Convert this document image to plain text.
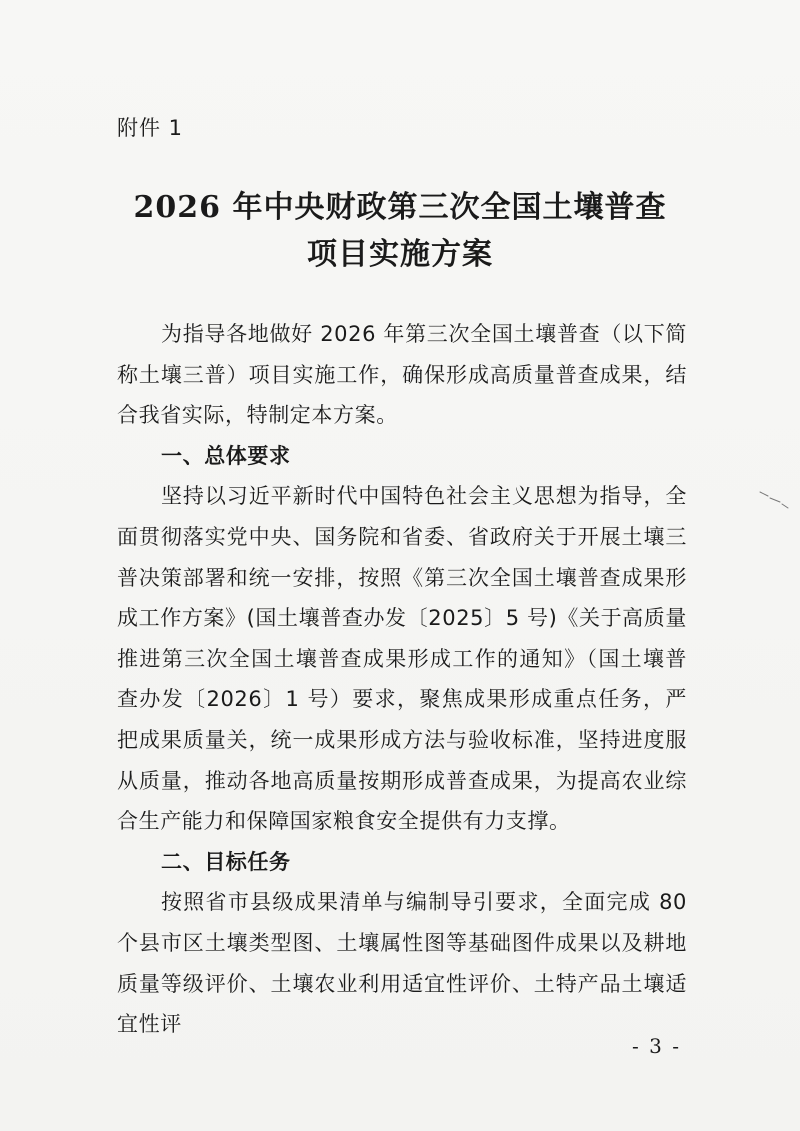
附件 1
2026 年中央财政第三次全国土壤普查
项目实施方案

为指导各地做好 2026 年第三次全国土壤普查（以下简称土壤三普）项目实施工作，确保形成高质量普查成果，结合我省实际，特制定本方案。

一、总体要求

坚持以习近平新时代中国特色社会主义思想为指导，全面贯彻落实党中央、国务院和省委、省政府关于开展土壤三普决策部署和统一安排，按照《第三次全国土壤普查成果形成工作方案》(国土壤普查办发〔2025〕5 号)《关于高质量推进第三次全国土壤普查成果形成工作的通知》（国土壤普查办发〔2026〕1 号）要求，聚焦成果形成重点任务，严把成果质量关，统一成果形成方法与验收标准，坚持进度服从质量，推动各地高质量按期形成普查成果，为提高农业综合生产能力和保障国家粮食安全提供有力支撑。

二、目标任务

按照省市县级成果清单与编制导引要求，全面完成 80 个县市区土壤类型图、土壤属性图等基础图件成果以及耕地质量等级评价、土壤农业利用适宜性评价、土特产品土壤适宜性评

- 3 -
